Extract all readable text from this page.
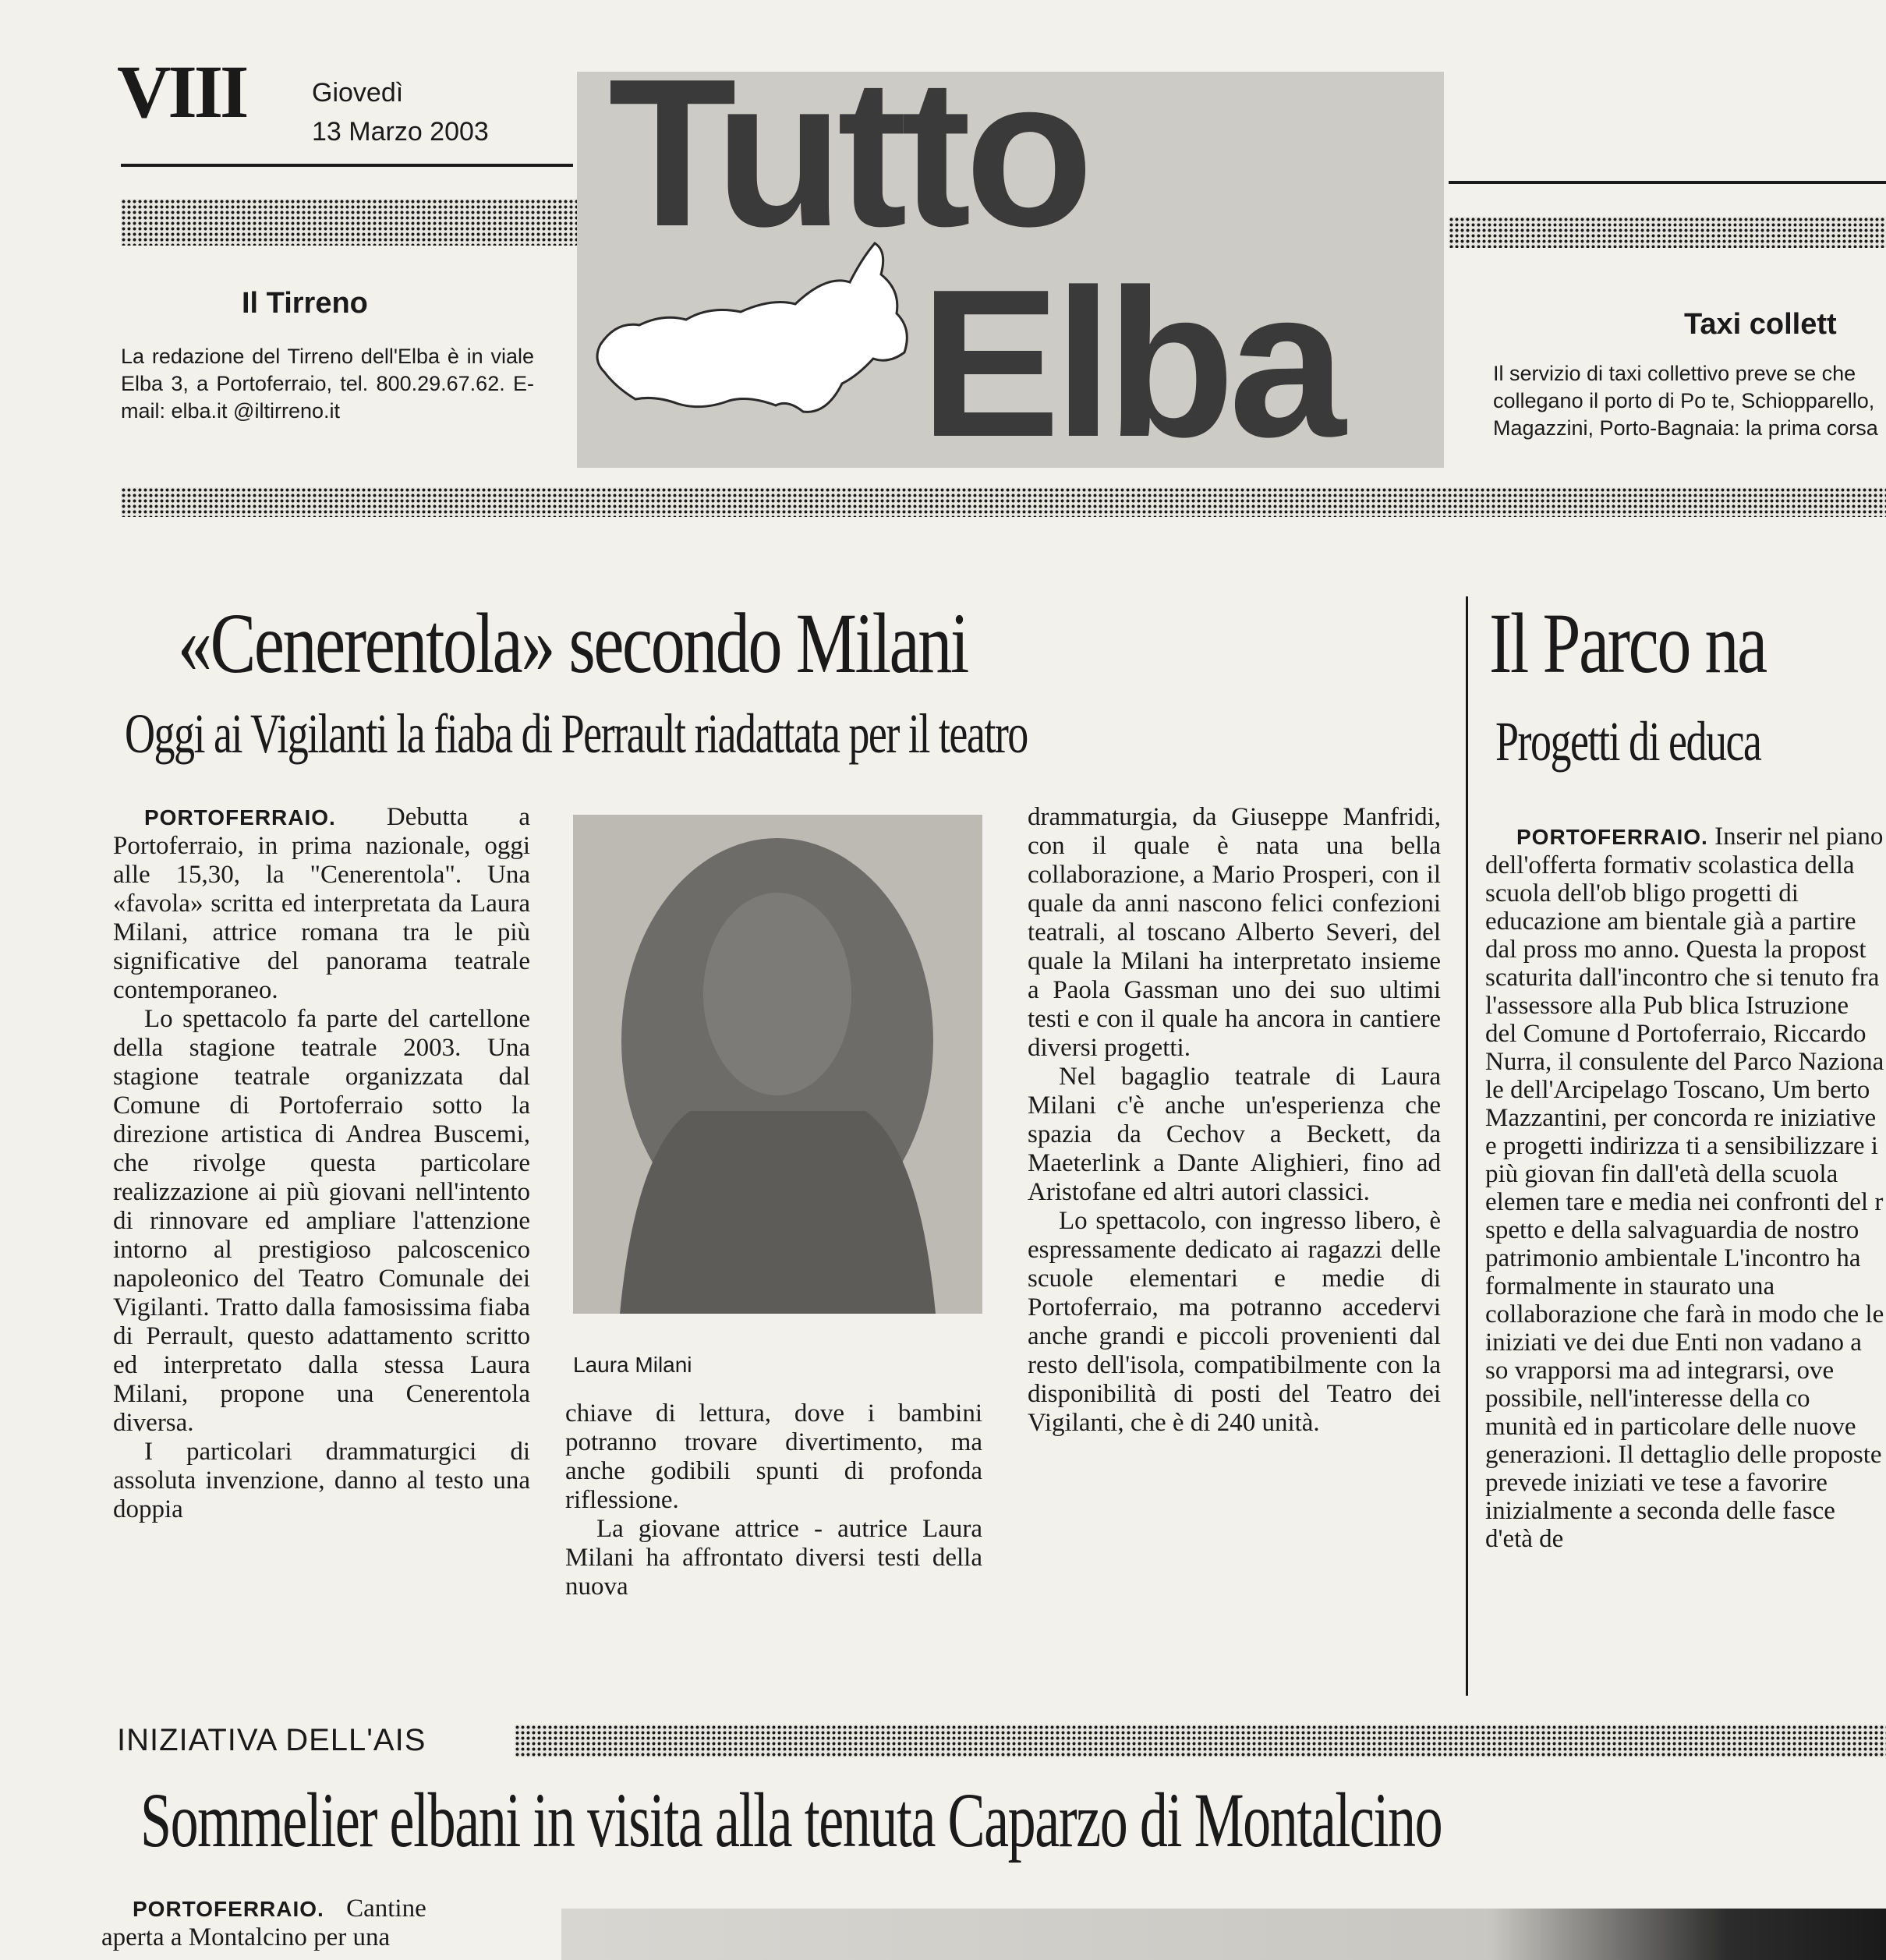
VIII Giovedì
13 Marzo 2003 Tutto
Elba
Il Tirreno
La redazione del Tirreno dell'Elba è in viale Elba 3, a Portoferraio, tel. 800.29.67.62. E-mail: elba.it @iltirreno.it
Taxi collett
Il servizio di taxi collettivo preve se che collegano il porto di Po te, Schiopparello, Magazzini, Porto-Bagnaia: la prima corsa
«Cenerentola» secondo Milani
Oggi ai Vigilanti la fiaba di Perrault riadattata per il teatro

PORTOFERRAIO. Debutta a Portoferraio, in prima nazionale, oggi alle 15,30, la "Cenerentola". Una «favola» scritta ed interpretata da Laura Milani, attrice romana tra le più significative del panorama teatrale contemporaneo.

Lo spettacolo fa parte del cartellone della stagione teatrale 2003. Una stagione teatrale organizzata dal Comune di Portoferraio sotto la direzione artistica di Andrea Buscemi, che rivolge questa particolare realizzazione ai più giovani nell'intento di rinnovare ed ampliare l'attenzione intorno al prestigioso palcoscenico napoleonico del Teatro Comunale dei Vigilanti. Tratto dalla famosissima fiaba di Perrault, questo adattamento scritto ed interpretato dalla stessa Laura Milani, propone una Cenerentola diversa.

I particolari drammaturgici di assoluta invenzione, danno al testo una doppia

Laura Milani

chiave di lettura, dove i bambini potranno trovare divertimento, ma anche godibili spunti di profonda riflessione.

La giovane attrice - autrice Laura Milani ha affrontato diversi testi della nuova

drammaturgia, da Giuseppe Manfridi, con il quale è nata una bella collaborazione, a Mario Prosperi, con il quale da anni nascono felici confezioni teatrali, al toscano Alberto Severi, del quale la Milani ha interpretato insieme a Paola Gassman uno dei suo ultimi testi e con il quale ha ancora in cantiere diversi progetti.

Nel bagaglio teatrale di Laura Milani c'è anche un'esperienza che spazia da Cechov a Beckett, da Maeterlink a Dante Alighieri, fino ad Aristofane ed altri autori classici.

Lo spettacolo, con ingresso libero, è espressamente dedicato ai ragazzi delle scuole elementari e medie di Portoferraio, ma potranno accedervi anche grandi e piccoli provenienti dal resto dell'isola, compatibilmente con la disponibilità di posti del Teatro dei Vigilanti, che è di 240 unità.

Il Parco na
Progetti di educa

PORTOFERRAIO. Inserir nel piano dell'offerta formativ scolastica della scuola dell'ob bligo progetti di educazione am bientale già a partire dal pross mo anno. Questa la propost scaturita dall'incontro che si tenuto fra l'assessore alla Pub blica Istruzione del Comune d Portoferraio, Riccardo Nurra, il consulente del Parco Naziona le dell'Arcipelago Toscano, Um berto Mazzantini, per concorda re iniziative e progetti indirizza ti a sensibilizzare i più giovan fin dall'età della scuola elemen tare e media nei confronti del r spetto e della salvaguardia de nostro patrimonio ambientale L'incontro ha formalmente in staurato una collaborazione che farà in modo che le iniziati ve dei due Enti non vadano a so vrapporsi ma ad integrarsi, ove possibile, nell'interesse della co munità ed in particolare delle nuove generazioni. Il dettaglio delle proposte prevede iniziati ve tese a favorire inizialmente a seconda delle fasce d'età de

INIZIATIVA DELL'AIS
Sommelier elbani in visita alla tenuta Caparzo di Montalcino

PORTOFERRAIO. Cantine

aperta a Montalcino per una
